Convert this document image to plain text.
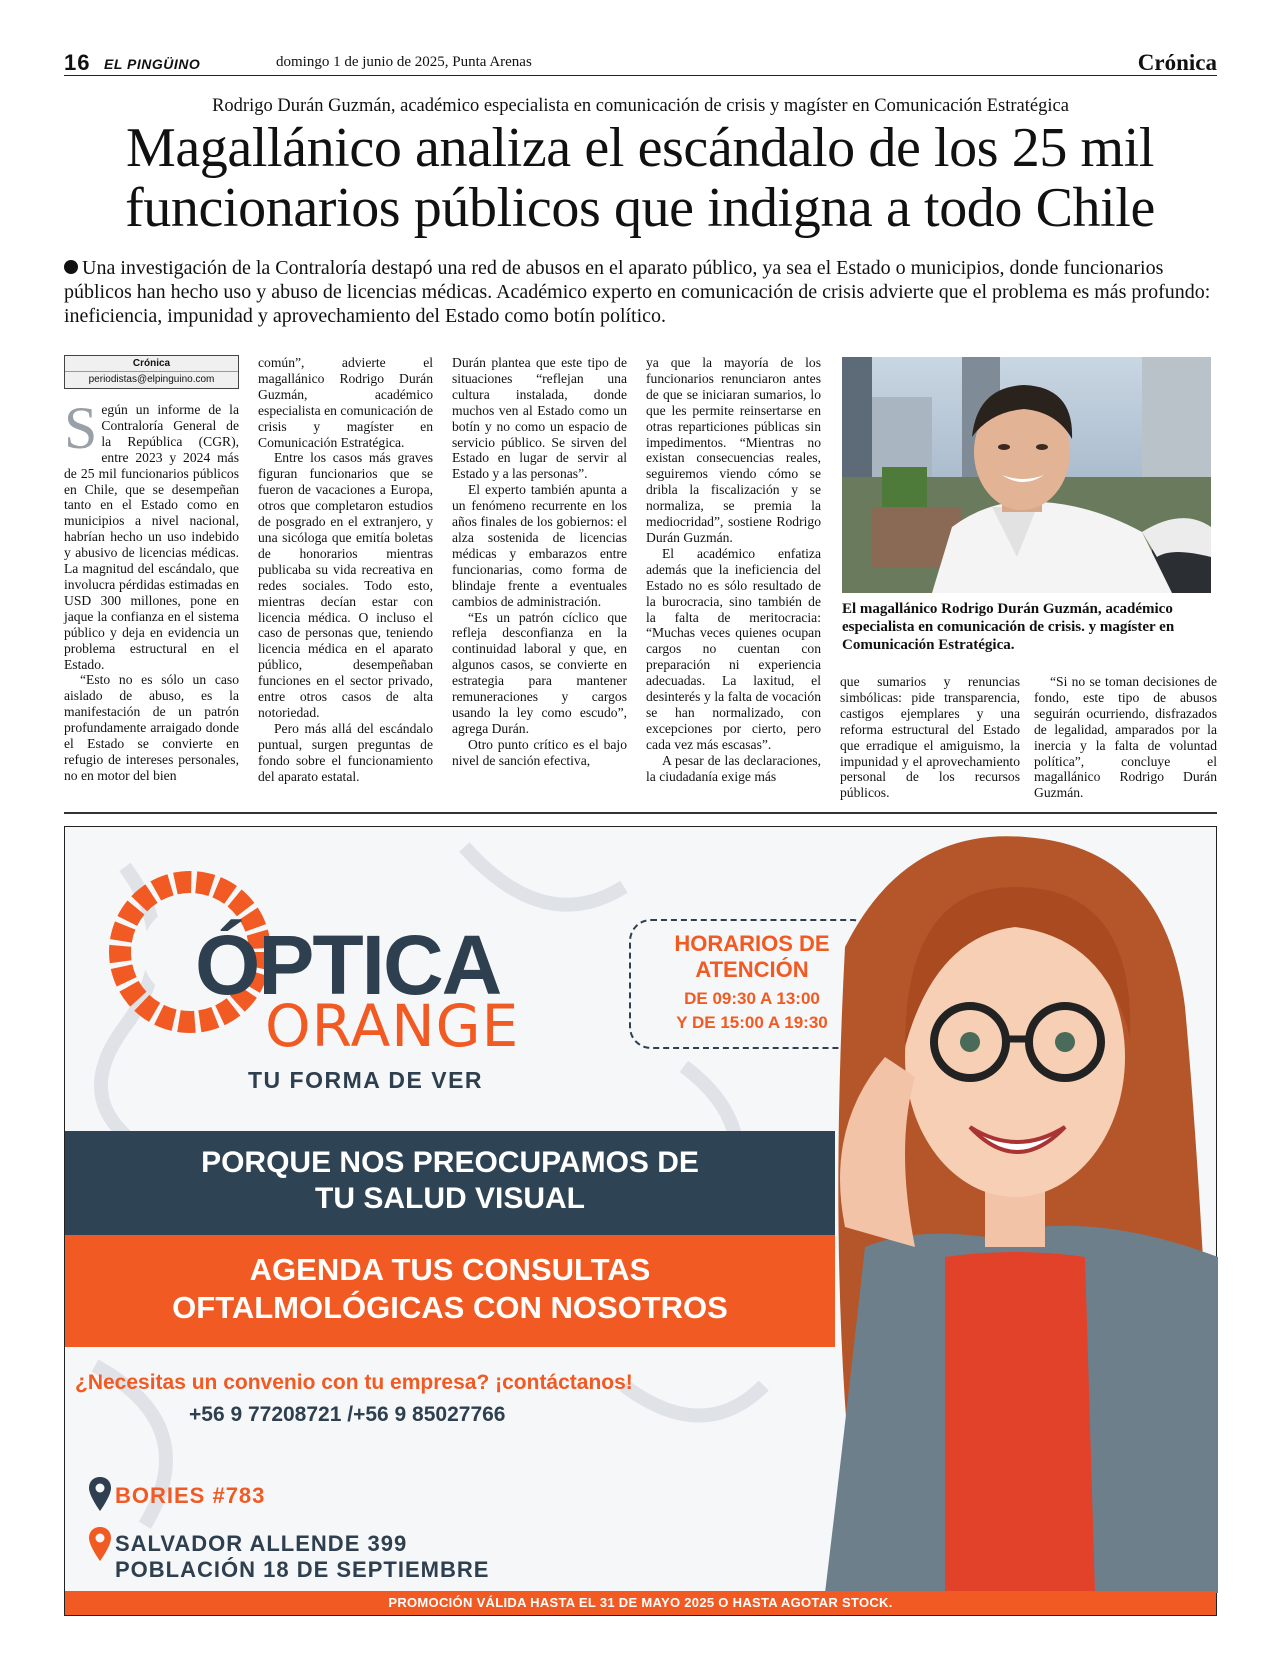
16 EL PINGÜINO	domingo 1 de junio de 2025, Punta Arenas	Crónica
Rodrigo Durán Guzmán, académico especialista en comunicación de crisis y magíster en Comunicación Estratégica
Magallánico analiza el escándalo de los 25 mil
funcionarios públicos que indigna a todo Chile
Una investigación de la Contraloría destapó una red de abusos en el aparato público, ya sea el Estado o municipios, donde funcionarios públicos han hecho uso y abuso de licencias médicas. Académico experto en comunicación de crisis advierte que el problema es más profundo: ineficiencia, impunidad y aprovechamiento del Estado como botín político.
Crónica
periodistas@elpinguino.com

Según un informe de la Contraloría General de la República (CGR), entre 2023 y 2024 más de 25 mil funcionarios públicos en Chile, que se desempeñan tanto en el Estado como en municipios a nivel nacional, habrían hecho un uso indebido y abusivo de licencias médicas. La magnitud del escándalo, que involucra pérdidas estimadas en USD 300 millones, pone en jaque la confianza en el sistema público y deja en evidencia un problema estructural en el Estado.

“Esto no es sólo un caso aislado de abuso, es la manifestación de un patrón profundamente arraigado donde el Estado se convierte en refugio de intereses personales, no en motor del bien

común”, advierte el magallánico Rodrigo Durán Guzmán, académico especialista en comunicación de crisis y magíster en Comunicación Estratégica.

Entre los casos más graves figuran funcionarios que se fueron de vacaciones a Europa, otros que completaron estudios de posgrado en el extranjero, y una sicóloga que emitía boletas de honorarios mientras publicaba su vida recreativa en redes sociales. Todo esto, mientras decían estar con licencia médica. O incluso el caso de personas que, teniendo licencia médica en el aparato público, desempeñaban funciones en el sector privado, entre otros casos de alta notoriedad.

Pero más allá del escándalo puntual, surgen preguntas de fondo sobre el funcionamiento del aparato estatal.

Durán plantea que este tipo de situaciones “reflejan una cultura instalada, donde muchos ven al Estado como un botín y no como un espacio de servicio público. Se sirven del Estado en lugar de servir al Estado y a las personas”.

El experto también apunta a un fenómeno recurrente en los años finales de los gobiernos: el alza sostenida de licencias médicas y embarazos entre funcionarias, como forma de blindaje frente a eventuales cambios de administración.

“Es un patrón cíclico que refleja desconfianza en la continuidad laboral y que, en algunos casos, se convierte en estrategia para mantener remuneraciones y cargos usando la ley como escudo”, agrega Durán.

Otro punto crítico es el bajo nivel de sanción efectiva,

ya que la mayoría de los funcionarios renunciaron antes de que se iniciaran sumarios, lo que les permite reinsertarse en otras reparticiones públicas sin impedimentos. “Mientras no existan consecuencias reales, seguiremos viendo cómo se dribla la fiscalización y se normaliza, se premia la mediocridad”, sostiene Rodrigo Durán Guzmán.

El académico enfatiza además que la ineficiencia del Estado no es sólo resultado de la burocracia, sino también de la falta de meritocracia: “Muchas veces quienes ocupan cargos no cuentan con preparación ni experiencia adecuadas. La laxitud, el desinterés y la falta de vocación se han normalizado, con excepciones por cierto, pero cada vez más escasas”.

A pesar de las declaraciones, la ciudadanía exige más

CEDIDA
El magallánico Rodrigo Durán Guzmán, académico especialista en comunicación de crisis. y magíster en Comunicación Estratégica.

que sumarios y renuncias simbólicas: pide transparencia, castigos ejemplares y una reforma estructural del Estado que erradique el amiguismo, la impunidad y el aprovechamiento personal de los recursos públicos.

“Si no se toman decisiones de fondo, este tipo de abusos seguirán ocurriendo, disfrazados de legalidad, amparados por la inercia y la falta de voluntad política”, concluye el magallánico Rodrigo Durán Guzmán.

ÓPTICA
ORANGE
TU FORMA DE VER
HORARIOS DE
ATENCIÓN
DE 09:30 A 13:00
Y DE 15:00 A 19:30
PORQUE NOS PREOCUPAMOS DE
TU SALUD VISUAL
AGENDA TUS CONSULTAS
OFTALMOLÓGICAS CON NOSOTROS
¿Necesitas un convenio con tu empresa? ¡contáctanos!
+56 9 77208721 /+56 9 85027766
BORIES #783
SALVADOR ALLENDE 399
POBLACIÓN 18 DE SEPTIEMBRE
PROMOCIÓN VÁLIDA HASTA EL 31 DE MAYO 2025 O HASTA AGOTAR STOCK.
